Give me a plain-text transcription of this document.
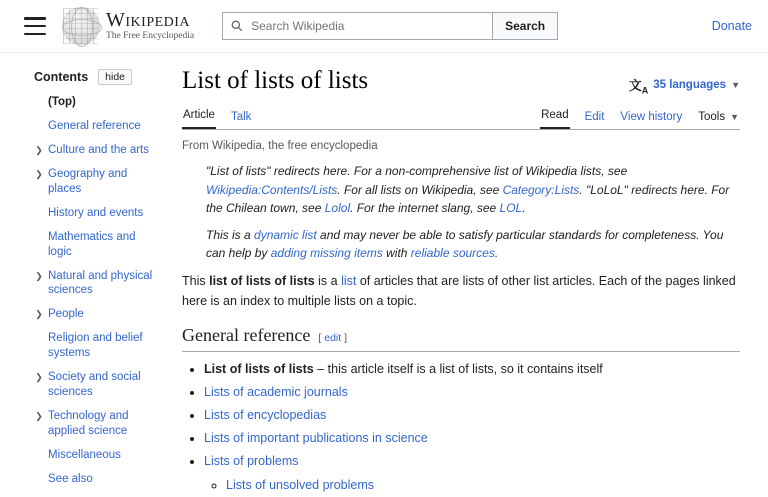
WIKIPEDIA
The Free Encyclopedia
Search Wikipedia
Search	Donate
Contents	hide
(Top)
General reference
❯ Culture and the arts
❯ Geography and places
History and events
Mathematics and logic
❯ Natural and physical sciences
❯ People
Religion and belief systems
❯ Society and social sciences
❯ Technology and applied science
Miscellaneous
See also
List of lists of lists	文$_A$ 35 languages ▼
Article Talk	Read Edit View history Tools ▼
From Wikipedia, the free encyclopedia
"List of lists" redirects here. For a non-comprehensive list of Wikipedia lists, see Wikipedia:Contents/Lists. For all lists on Wikipedia, see Category:Lists. "LoLoL" redirects here. For the Chilean town, see Lolol. For the internet slang, see LOL.
This is a dynamic list and may never be able to satisfy particular standards for completeness. You can help by adding missing items with reliable sources.

This list of lists of lists is a list of articles that are lists of other list articles. Each of the pages linked here is an index to multiple lists on a topic.

General reference [ edit ]
• List of lists of lists – this article itself is a list of lists, so it contains itself
• Lists of academic journals
• Lists of encyclopedias
• Lists of important publications in science
• Lists of problems
◦ Lists of unsolved problems
